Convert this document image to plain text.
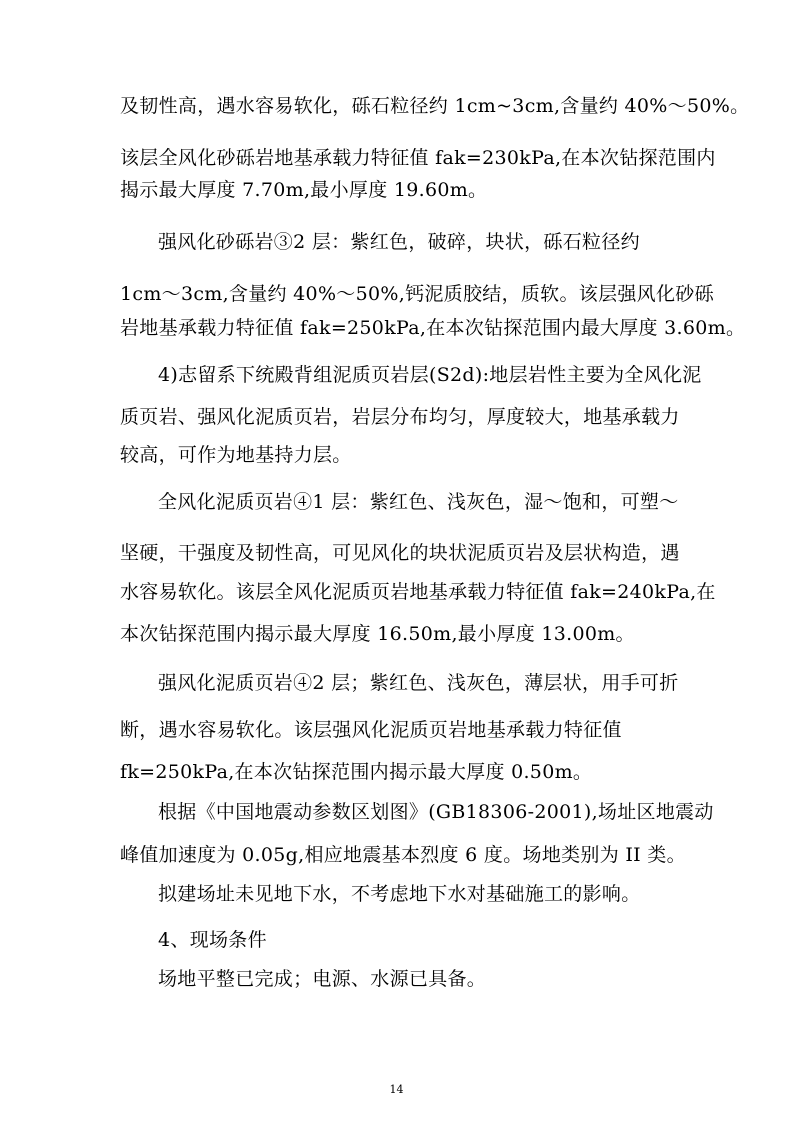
及韧性高，遇水容易软化，砾石粒径约 1cm~3cm,含量约 40%～50%。
该层全风化砂砾岩地基承载力特征值 fak=230kPa,在本次钻探范围内
揭示最大厚度 7.70m,最小厚度 19.60m。
强风化砂砾岩③2 层：紫红色，破碎，块状，砾石粒径约
1cm～3cm,含量约 40%～50%,钙泥质胶结，质软。该层强风化砂砾
岩地基承载力特征值 fak=250kPa,在本次钻探范围内最大厚度 3.60m。
4)志留系下统殿背组泥质页岩层(S2d):地层岩性主要为全风化泥
质页岩、强风化泥质页岩，岩层分布均匀，厚度较大，地基承载力
较高，可作为地基持力层。
全风化泥质页岩④1 层：紫红色、浅灰色，湿～饱和，可塑～
坚硬，干强度及韧性高，可见风化的块状泥质页岩及层状构造，遇
水容易软化。该层全风化泥质页岩地基承载力特征值 fak=240kPa,在
本次钻探范围内揭示最大厚度 16.50m,最小厚度 13.00m。
强风化泥质页岩④2 层；紫红色、浅灰色，薄层状，用手可折
断，遇水容易软化。该层强风化泥质页岩地基承载力特征值
fk=250kPa,在本次钻探范围内揭示最大厚度 0.50m。
根据《中国地震动参数区划图》(GB18306-2001),场址区地震动
峰值加速度为 0.05g,相应地震基本烈度 6 度。场地类别为 II 类。
拟建场址未见地下水，不考虑地下水对基础施工的影响。
4、现场条件
场地平整已完成；电源、水源已具备。
14
